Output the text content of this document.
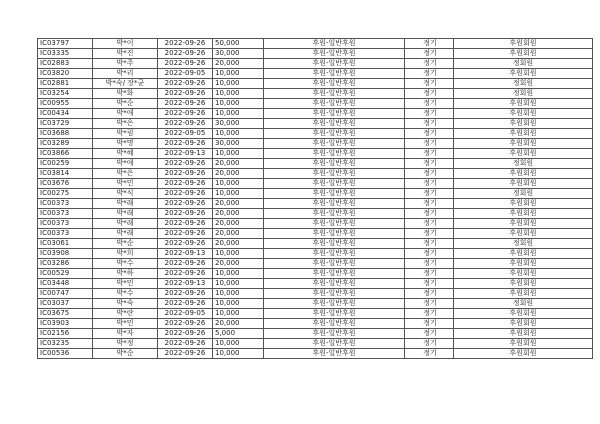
IC03797	박*이	2022-09-26	50,000	후원-일반후원	정기	후원회원
IC03335	박*진	2022-09-26	30,000	후원-일반후원	정기	후원회원
IC02883	박*주	2022-09-26	20,000	후원-일반후원	정기	정회원
IC03820	박*리	2022-09-05	10,000	후원-일반후원	정기	후원회원
IC02881	박*숙/ 장*균	2022-09-26	10,000	후원-일반후원	정기	정회원
IC03254	박*화	2022-09-26	10,000	후원-일반후원	정기	정회원
IC00955	박*순	2022-09-26	10,000	후원-일반후원	정기	후원회원
IC00434	박*애	2022-09-26	10,000	후원-일반후원	정기	후원회원
IC03729	박*은	2022-09-26	30,000	후원-일반후원	정기	후원회원
IC03688	박*림	2022-09-05	10,000	후원-일반후원	정기	후원회원
IC03289	박*명	2022-09-26	30,000	후원-일반후원	정기	후원회원
IC03866	박*혜	2022-09-13	10,000	후원-일반후원	정기	후원회원
IC00259	박*애	2022-09-26	20,000	후원-일반후원	정기	정회원
IC03814	박*은	2022-09-26	20,000	후원-일반후원	정기	후원회원
IC03676	박*민	2022-09-26	10,000	후원-일반후원	정기	후원회원
IC00275	박*식	2022-09-26	10,000	후원-일반후원	정기	정회원
IC00373	박*래	2022-09-26	20,000	후원-일반후원	정기	후원회원
IC00373	박*래	2022-09-26	20,000	후원-일반후원	정기	후원회원
IC00373	박*래	2022-09-26	20,000	후원-일반후원	정기	후원회원
IC00373	박*래	2022-09-26	20,000	후원-일반후원	정기	후원회원
IC03061	박*순	2022-09-26	20,000	후원-일반후원	정기	정회원
IC03908	박*희	2022-09-13	10,000	후원-일반후원	정기	후원회원
IC03286	박*수	2022-09-26	20,000	후원-일반후원	정기	후원회원
IC00529	박*하	2022-09-26	10,000	후원-일반후원	정기	후원회원
IC03448	박*민	2022-09-13	10,000	후원-일반후원	정기	후원회원
IC00747	박*수	2022-09-26	10,000	후원-일반후원	정기	후원회원
IC03037	박*숙	2022-09-26	10,000	후원-일반후원	정기	정회원
IC03675	박*란	2022-09-05	10,000	후원-일반후원	정기	후원회원
IC03903	박*민	2022-09-26	20,000	후원-일반후원	정기	후원회원
IC02156	박*자	2022-09-26	5,000	후원-일반후원	정기	후원회원
IC03235	박*정	2022-09-26	10,000	후원-일반후원	정기	후원회원
IC00536	박*순	2022-09-26	10,000	후원-일반후원	정기	후원회원
